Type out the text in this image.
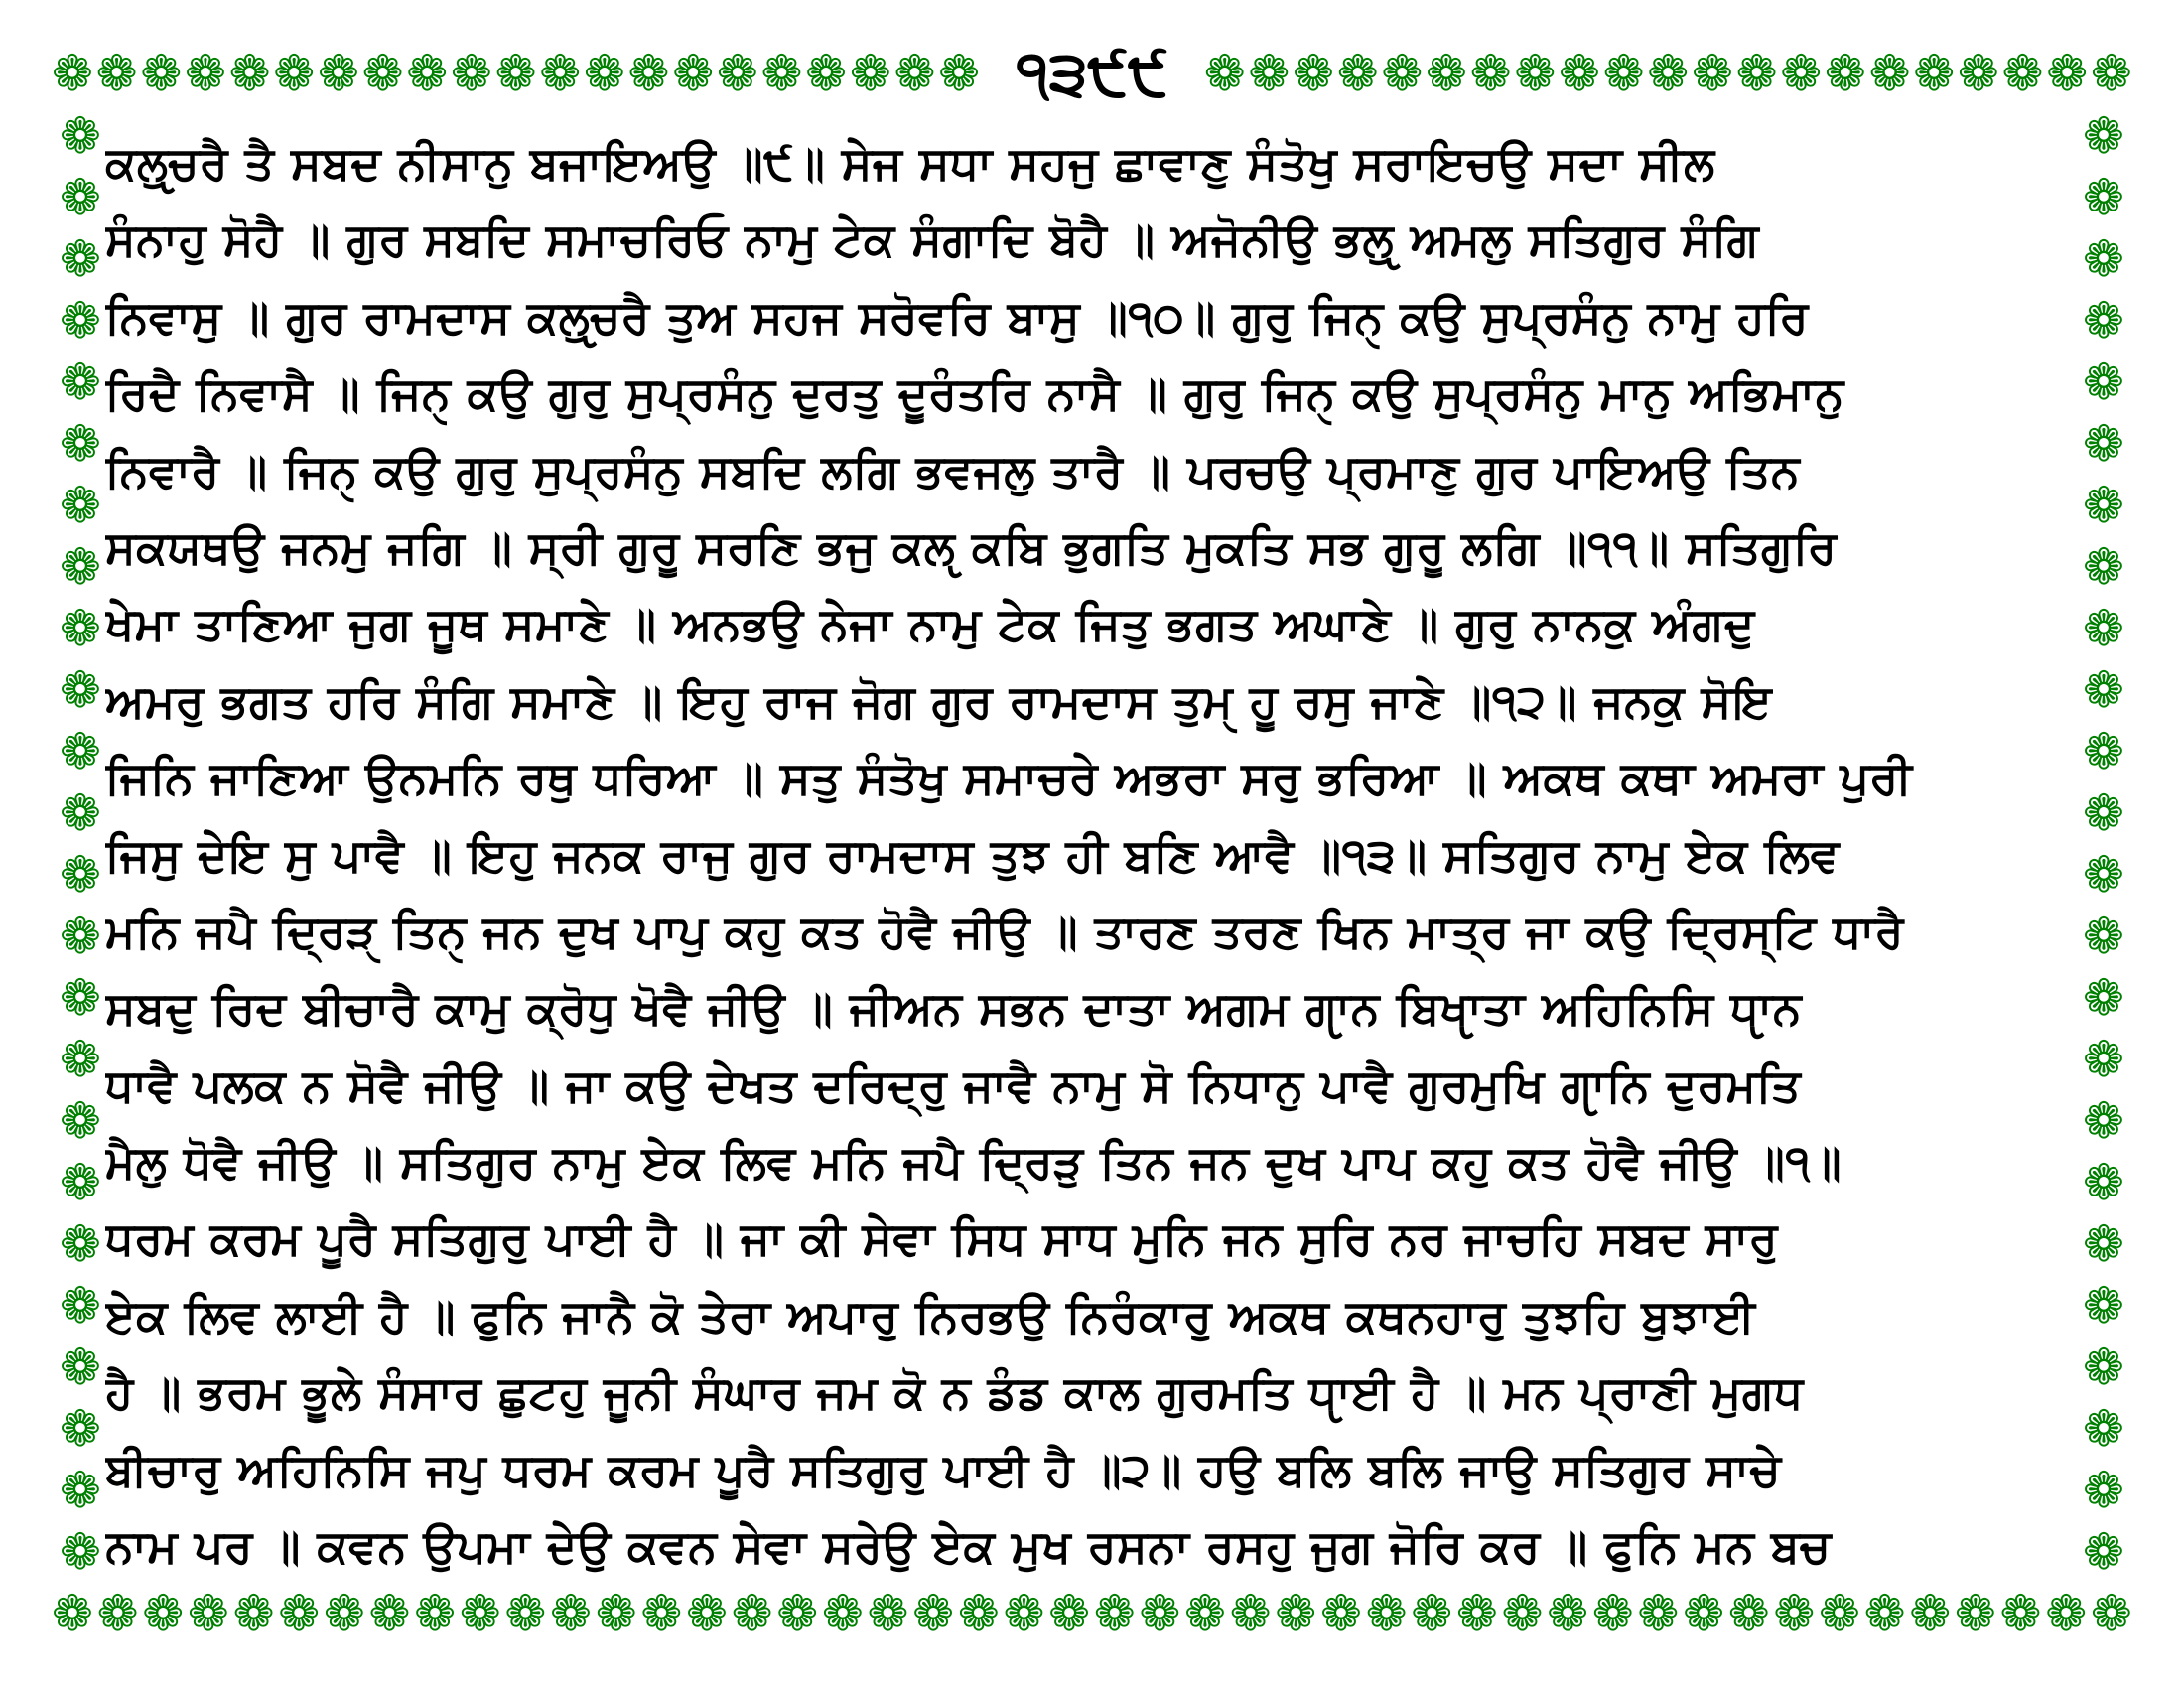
❁ ❁ ❁ ❁ ❁ ❁ ❁ ❁ ❁ ❁ ❁ ❁ ❁ ❁ ❁ ❁ ❁ ❁ ❁ ❁ ❁ ੧੩੯੯ ❁ ❁ ❁ ❁ ❁ ❁ ❁ ❁ ❁ ❁ ❁ ❁ ❁ ❁ ❁ ❁ ❁ ❁ ❁ ❁ ❁
❁
❁
❁
❁
❁
❁
❁
❁
❁
❁
❁
❁
❁
❁
❁
❁
❁
❁
❁
❁
❁
❁
❁
❁
❁
❁
❁
❁
❁
❁
❁
❁
❁
❁
❁
❁
❁
❁
❁
❁
❁
❁
❁
❁
❁
❁
❁
❁
ਕਲੵੁਚਰੈ ਤੈ ਸਬਦ ਨੀਸਾਨੁ ਬਜਾਇਅਉ ॥੯॥ ਸੇਜ ਸਧਾ ਸਹਜੁ ਛਾਵਾਣੁ ਸੰਤੋਖੁ ਸਰਾਇਚਉ ਸਦਾ ਸੀਲ
ਸੰਨਾਹੁ ਸੋਹੈ ॥ ਗੁਰ ਸਬਦਿ ਸਮਾਚਰਿਓ ਨਾਮੁ ਟੇਕ ਸੰਗਾਦਿ ਬੋਹੈ ॥ ਅਜੋਨੀਉ ਭਲੵੁ ਅਮਲੁ ਸਤਿਗੁਰ ਸੰਗਿ
ਨਿਵਾਸੁ ॥ ਗੁਰ ਰਾਮਦਾਸ ਕਲੵੁਚਰੈ ਤੁਅ ਸਹਜ ਸਰੋਵਰਿ ਬਾਸੁ ॥੧੦॥ ਗੁਰੁ ਜਿਨੑ ਕਉ ਸੁਪ੍ਰਸੰਨੁ ਨਾਮੁ ਹਰਿ
ਰਿਦੈ ਨਿਵਾਸੈ ॥ ਜਿਨੑ ਕਉ ਗੁਰੁ ਸੁਪ੍ਰਸੰਨੁ ਦੁਰਤੁ ਦੂਰੰਤਰਿ ਨਾਸੈ ॥ ਗੁਰੁ ਜਿਨੑ ਕਉ ਸੁਪ੍ਰਸੰਨੁ ਮਾਨੁ ਅਭਿਮਾਨੁ
ਨਿਵਾਰੈ ॥ ਜਿਨੑ ਕਉ ਗੁਰੁ ਸੁਪ੍ਰਸੰਨੁ ਸਬਦਿ ਲਗਿ ਭਵਜਲੁ ਤਾਰੈ ॥ ਪਰਚਉ ਪ੍ਰਮਾਣੁ ਗੁਰ ਪਾਇਅਉ ਤਿਨ
ਸਕਯਥਉ ਜਨਮੁ ਜਗਿ ॥ ਸ੍ਰੀ ਗੁਰੂ ਸਰਣਿ ਭਜੁ ਕਲੵ ਕਬਿ ਭੁਗਤਿ ਮੁਕਤਿ ਸਭ ਗੁਰੂ ਲਗਿ ॥੧੧॥ ਸਤਿਗੁਰਿ
ਖੇਮਾ ਤਾਣਿਆ ਜੁਗ ਜੂਥ ਸਮਾਣੇ ॥ ਅਨਭਉ ਨੇਜਾ ਨਾਮੁ ਟੇਕ ਜਿਤੁ ਭਗਤ ਅਘਾਣੇ ॥ ਗੁਰੁ ਨਾਨਕੁ ਅੰਗਦੁ
ਅਮਰੁ ਭਗਤ ਹਰਿ ਸੰਗਿ ਸਮਾਣੇ ॥ ਇਹੁ ਰਾਜ ਜੋਗ ਗੁਰ ਰਾਮਦਾਸ ਤੁਮੑ ਹੂ ਰਸੁ ਜਾਣੇ ॥੧੨॥ ਜਨਕੁ ਸੋਇ
ਜਿਨਿ ਜਾਣਿਆ ਉਨਮਨਿ ਰਥੁ ਧਰਿਆ ॥ ਸਤੁ ਸੰਤੋਖੁ ਸਮਾਚਰੇ ਅਭਰਾ ਸਰੁ ਭਰਿਆ ॥ ਅਕਥ ਕਥਾ ਅਮਰਾ ਪੁਰੀ
ਜਿਸੁ ਦੇਇ ਸੁ ਪਾਵੈ ॥ ਇਹੁ ਜਨਕ ਰਾਜੁ ਗੁਰ ਰਾਮਦਾਸ ਤੁਝ ਹੀ ਬਣਿ ਆਵੈ ॥੧੩॥ ਸਤਿਗੁਰ ਨਾਮੁ ਏਕ ਲਿਵ
ਮਨਿ ਜਪੈ ਦ੍ਰਿੜੑ ਤਿਨੑ ਜਨ ਦੁਖ ਪਾਪੁ ਕਹੁ ਕਤ ਹੋਵੈ ਜੀਉ ॥ ਤਾਰਣ ਤਰਣ ਖਿਨ ਮਾਤ੍ਰ ਜਾ ਕਉ ਦ੍ਰਿਸ੍ਟਿ ਧਾਰੈ
ਸਬਦੁ ਰਿਦ ਬੀਚਾਰੈ ਕਾਮੁ ਕ੍ਰੋਧੁ ਖੋਵੈ ਜੀਉ ॥ ਜੀਅਨ ਸਭਨ ਦਾਤਾ ਅਗਮ ਗੵਾਨ ਬਿਖੵਾਤਾ ਅਹਿਨਿਸਿ ਧੵਾਨ
ਧਾਵੈ ਪਲਕ ਨ ਸੋਵੈ ਜੀਉ ॥ ਜਾ ਕਉ ਦੇਖਤ ਦਰਿਦ੍ਰੁ ਜਾਵੈ ਨਾਮੁ ਸੋ ਨਿਧਾਨੁ ਪਾਵੈ ਗੁਰਮੁਖਿ ਗੵਾਨਿ ਦੁਰਮਤਿ
ਮੈਲੁ ਧੋਵੈ ਜੀਉ ॥ ਸਤਿਗੁਰ ਨਾਮੁ ਏਕ ਲਿਵ ਮਨਿ ਜਪੈ ਦ੍ਰਿੜੁ ਤਿਨ ਜਨ ਦੁਖ ਪਾਪ ਕਹੁ ਕਤ ਹੋਵੈ ਜੀਉ ॥੧॥
ਧਰਮ ਕਰਮ ਪੂਰੈ ਸਤਿਗੁਰੁ ਪਾਈ ਹੈ ॥ ਜਾ ਕੀ ਸੇਵਾ ਸਿਧ ਸਾਧ ਮੁਨਿ ਜਨ ਸੁਰਿ ਨਰ ਜਾਚਹਿ ਸਬਦ ਸਾਰੁ
ਏਕ ਲਿਵ ਲਾਈ ਹੈ ॥ ਫੁਨਿ ਜਾਨੈ ਕੋ ਤੇਰਾ ਅਪਾਰੁ ਨਿਰਭਉ ਨਿਰੰਕਾਰੁ ਅਕਥ ਕਥਨਹਾਰੁ ਤੁਝਹਿ ਬੁਝਾਈ
ਹੈ ॥ ਭਰਮ ਭੂਲੇ ਸੰਸਾਰ ਛੁਟਹੁ ਜੂਨੀ ਸੰਘਾਰ ਜਮ ਕੋ ਨ ਡੰਡ ਕਾਲ ਗੁਰਮਤਿ ਧੵਾਈ ਹੈ ॥ ਮਨ ਪ੍ਰਾਣੀ ਮੁਗਧ
ਬੀਚਾਰੁ ਅਹਿਨਿਸਿ ਜਪੁ ਧਰਮ ਕਰਮ ਪੂਰੈ ਸਤਿਗੁਰੁ ਪਾਈ ਹੈ ॥੨॥ ਹਉ ਬਲਿ ਬਲਿ ਜਾਉ ਸਤਿਗੁਰ ਸਾਚੇ
ਨਾਮ ਪਰ ॥ ਕਵਨ ਉਪਮਾ ਦੇਉ ਕਵਨ ਸੇਵਾ ਸਰੇਉ ਏਕ ਮੁਖ ਰਸਨਾ ਰਸਹੁ ਜੁਗ ਜੋਰਿ ਕਰ ॥ ਫੁਨਿ ਮਨ ਬਚ
❁ ❁ ❁ ❁ ❁ ❁ ❁ ❁ ❁ ❁ ❁ ❁ ❁ ❁ ❁ ❁ ❁ ❁ ❁ ❁ ❁ ❁ ❁ ❁ ❁ ❁ ❁ ❁ ❁ ❁ ❁ ❁ ❁ ❁ ❁ ❁ ❁ ❁ ❁ ❁ ❁ ❁ ❁ ❁ ❁ ❁
